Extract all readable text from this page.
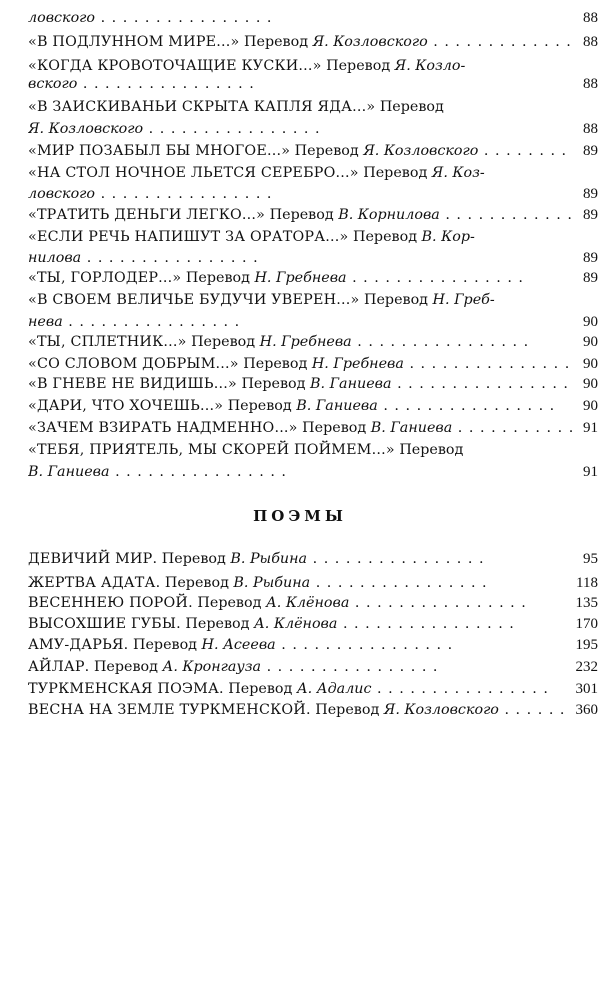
ловского . .	88
«В ПОДЛУННОМ МИРЕ...» Перевод Я. Козловского . .	88
«КОГДА КРОВОТОЧАЩИЕ КУСКИ...» Перевод Я. Козло-
вского . .	88
«В ЗАИСКИВАНЬИ СКРЫТА КАПЛЯ ЯДА...» Перевод
Я. Козловского . .	88
«МИР ПОЗАБЫЛ БЫ МНОГОЕ...» Перевод Я. Козловского . .	89
«НА СТОЛ НОЧНОЕ ЛЬЕТСЯ СЕРЕБРО...» Перевод Я. Коз-
ловского . .	89
«ТРАТИТЬ ДЕНЬГИ ЛЕГКО...» Перевод В. Корнилова . .	89
«ЕСЛИ РЕЧЬ НАПИШУТ ЗА ОРАТОРА...» Перевод В. Кор-
нилова . .	89
«ТЫ, ГОРЛОДЕР...» Перевод Н. Гребнева . .	89
«В СВОЕМ ВЕЛИЧЬЕ БУДУЧИ УВЕРЕН...» Перевод Н. Греб-
нева . .	90
«ТЫ, СПЛЕТНИК...» Перевод Н. Гребнева . .	90
«СО СЛОВОМ ДОБРЫМ...» Перевод Н. Гребнева . .	90
«В ГНЕВЕ НЕ ВИДИШЬ...» Перевод В. Ганиева . .	90
«ДАРИ, ЧТО ХОЧЕШЬ...» Перевод В. Ганиева . .	90
«ЗАЧЕМ ВЗИРАТЬ НАДМЕННО...» Перевод В. Ганиева . .	91
«ТЕБЯ, ПРИЯТЕЛЬ, МЫ СКОРЕЙ ПОЙМЕМ...» Перевод
В. Ганиева . .	91
ПОЭМЫ
ДЕВИЧИЙ МИР. Перевод В. Рыбина . .	95
ЖЕРТВА АДАТА. Перевод В. Рыбина . .	118
ВЕСЕННЕЮ ПОРОЙ. Перевод А. Клёнова . .	135
ВЫСОХШИЕ ГУБЫ. Перевод А. Клёнова . .	170
АМУ-ДАРЬЯ. Перевод Н. Асеева . .	195
АЙЛАР. Перевод А. Кронгауза . .	232
ТУРКМЕНСКАЯ ПОЭМА. Перевод А. Адалис . .	301
ВЕСНА НА ЗЕМЛЕ ТУРКМЕНСКОЙ. Перевод Я. Козловского . .	360
